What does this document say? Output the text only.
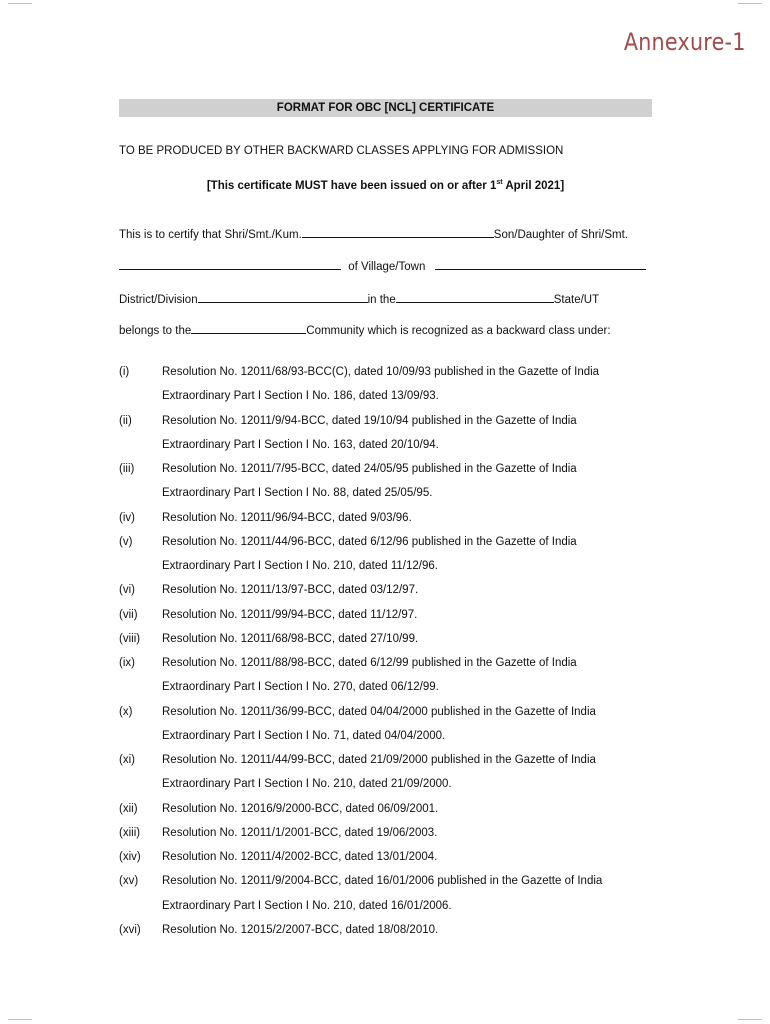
Annexure-1
FORMAT FOR OBC [NCL] CERTIFICATE
TO BE PRODUCED BY OTHER BACKWARD CLASSES APPLYING FOR ADMISSION
[This certificate MUST have been issued on or after 1st April 2021]
This is to certify that Shri/Smt./Kum.	Son/Daughter of Shri/Smt.
of Village/Town
District/Division	in the	State/UT
belongs to the	Community which is recognized as a backward class under:
(i)	Resolution No. 12011/68/93-BCC(C), dated 10/09/93 published in the Gazette of India
Extraordinary Part I Section I No. 186, dated 13/09/93.
(ii)	Resolution No. 12011/9/94-BCC, dated 19/10/94 published in the Gazette of India
Extraordinary Part I Section I No. 163, dated 20/10/94.
(iii) Resolution No. 12011/7/95-BCC, dated 24/05/95 published in the Gazette of India
Extraordinary Part I Section I No. 88, dated 25/05/95.
(iv) Resolution No. 12011/96/94-BCC, dated 9/03/96.
(v)	Resolution No. 12011/44/96-BCC, dated 6/12/96 published in the Gazette of India
Extraordinary Part I Section I No. 210, dated 11/12/96.
(vi) Resolution No. 12011/13/97-BCC, dated 03/12/97.
(vii) Resolution No. 12011/99/94-BCC, dated 11/12/97.
(viii) Resolution No. 12011/68/98-BCC, dated 27/10/99.
(ix) Resolution No. 12011/88/98-BCC, dated 6/12/99 published in the Gazette of India
Extraordinary Part I Section I No. 270, dated 06/12/99.
(x)	Resolution No. 12011/36/99-BCC, dated 04/04/2000 published in the Gazette of India
Extraordinary Part I Section I No. 71, dated 04/04/2000.
(xi) Resolution No. 12011/44/99-BCC, dated 21/09/2000 published in the Gazette of India
Extraordinary Part I Section I No. 210, dated 21/09/2000.
(xii) Resolution No. 12016/9/2000-BCC, dated 06/09/2001.
(xiii) Resolution No. 12011/1/2001-BCC, dated 19/06/2003.
(xiv) Resolution No. 12011/4/2002-BCC, dated 13/01/2004.
(xv) Resolution No. 12011/9/2004-BCC, dated 16/01/2006 published in the Gazette of India
Extraordinary Part I Section I No. 210, dated 16/01/2006.
(xvi) Resolution No. 12015/2/2007-BCC, dated 18/08/2010.
